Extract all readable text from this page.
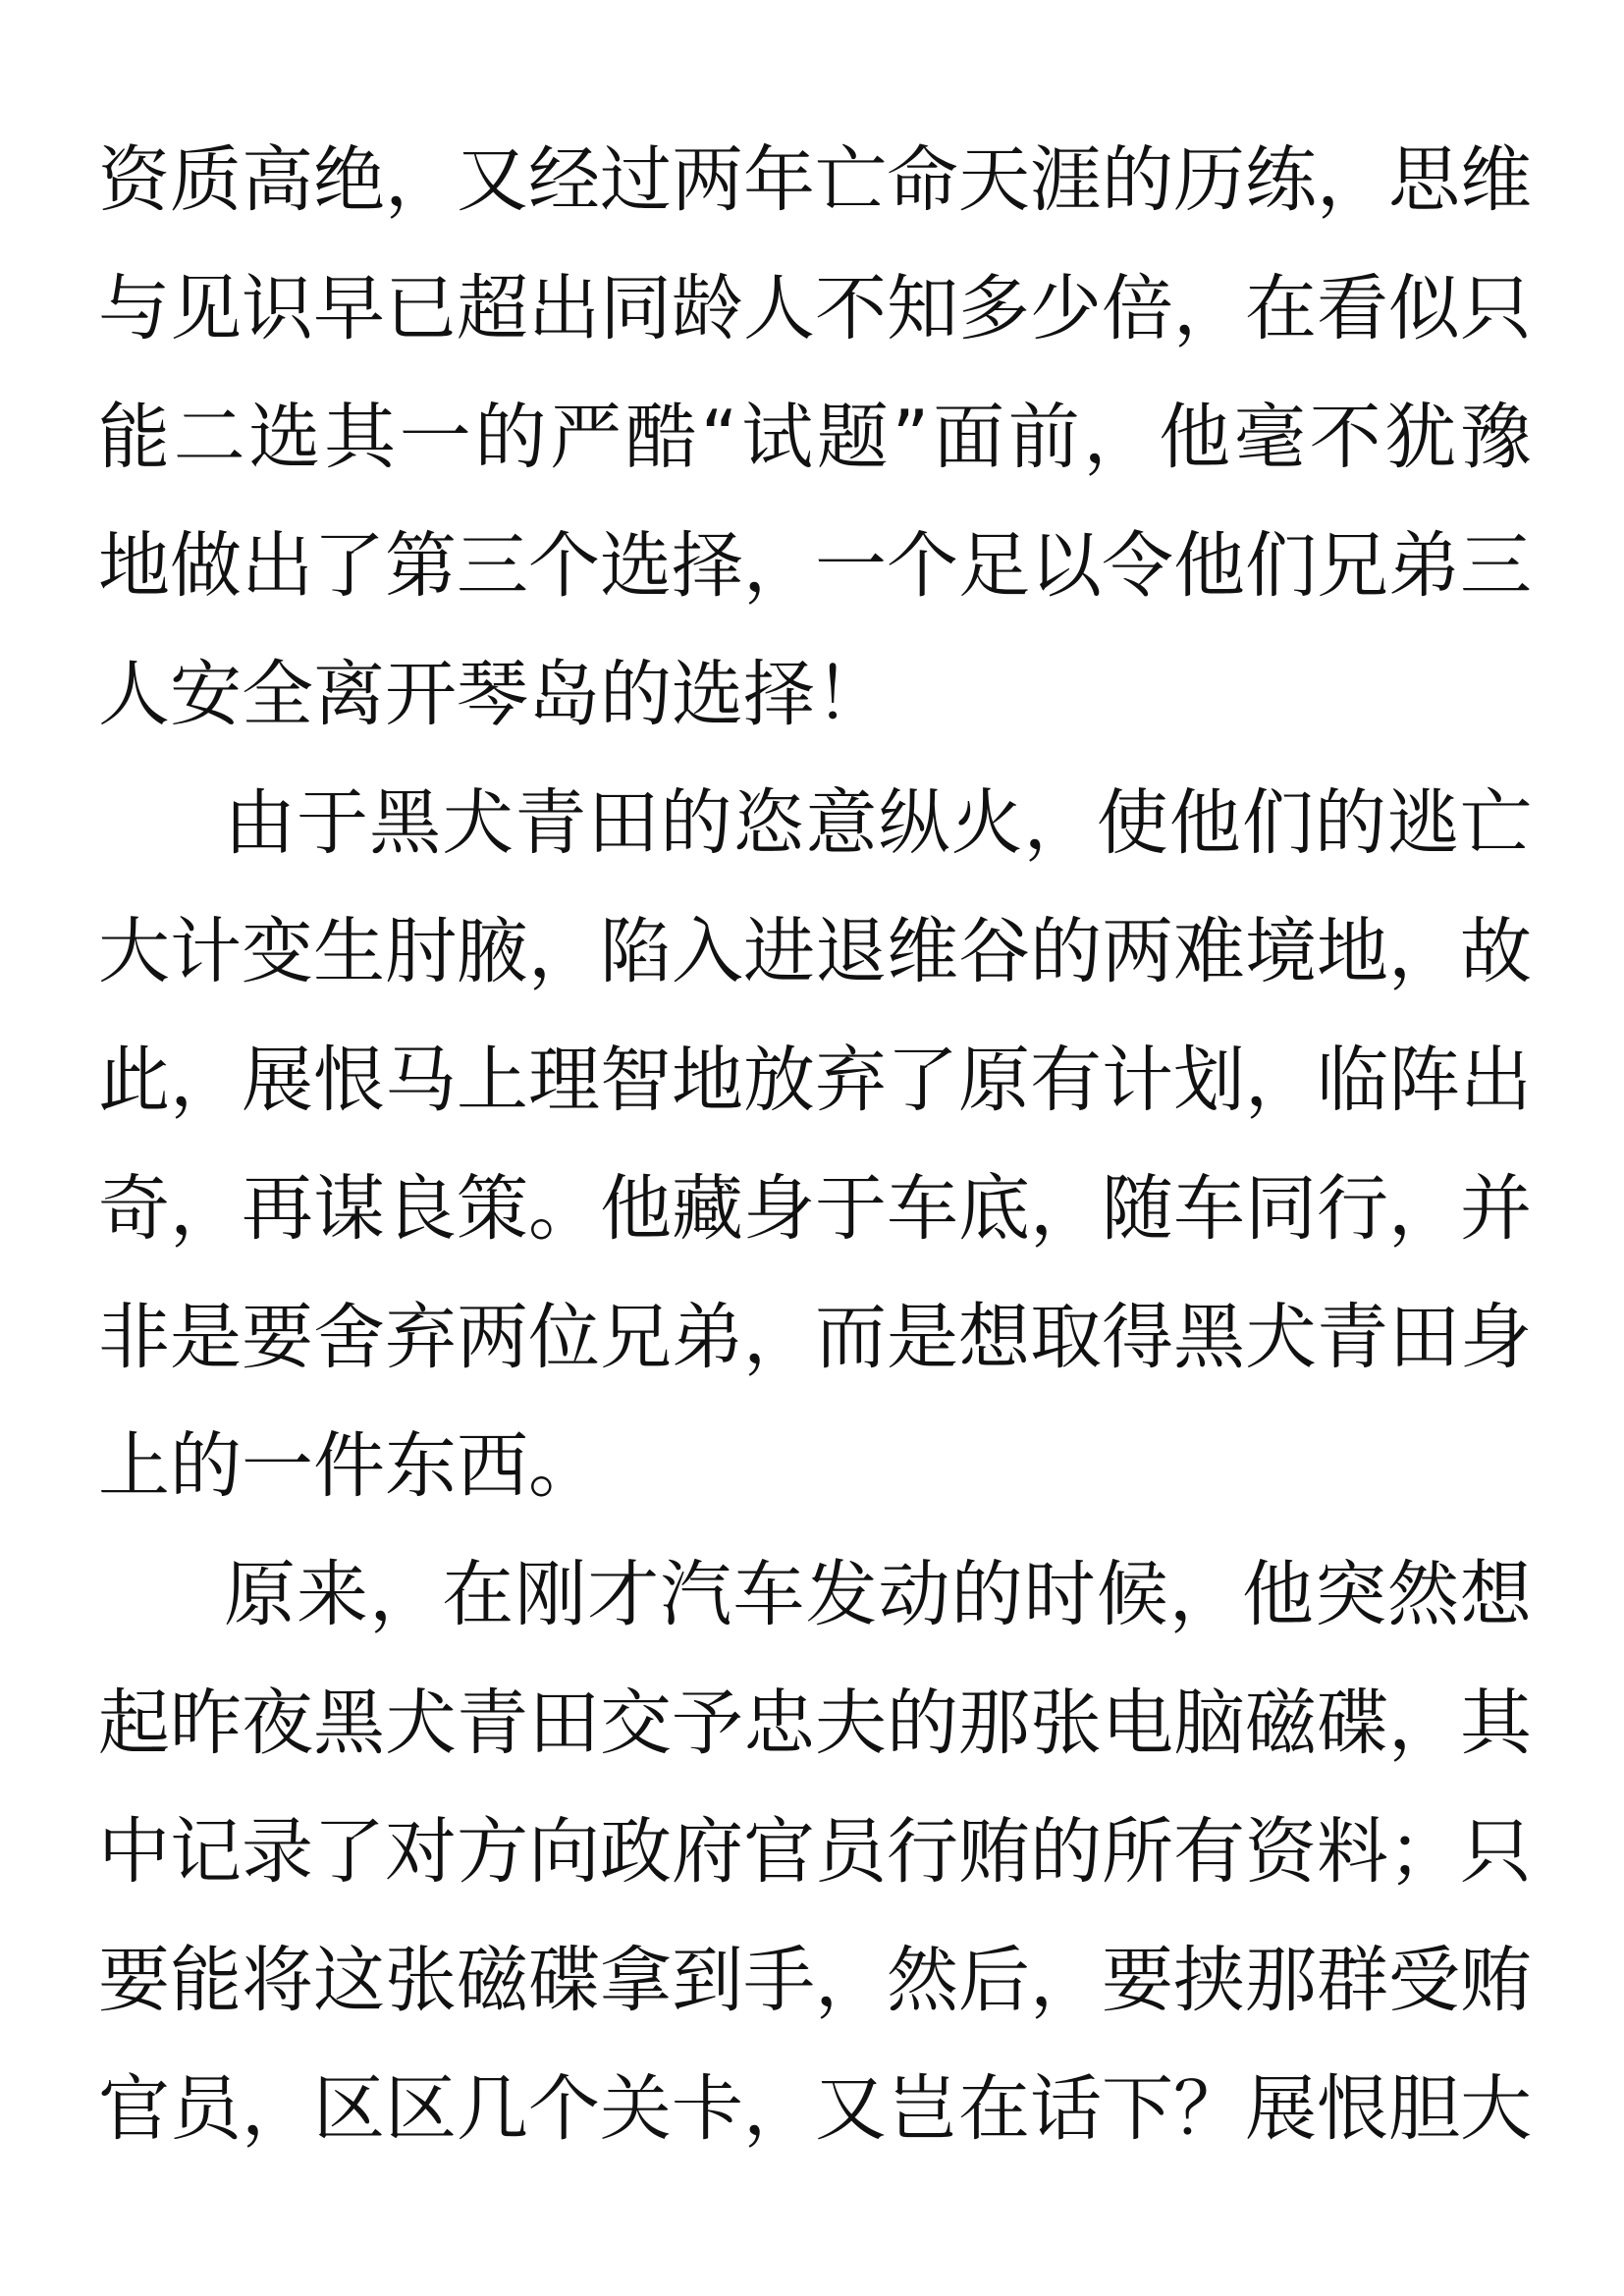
资质高绝，又经过两年亡命天涯的历练，思维
与见识早已超出同龄人不知多少倍，在看似只
能二选其一的严酷“试题”面前，他毫不犹豫
地做出了第三个选择，一个足以令他们兄弟三
人安全离开琴岛的选择！
由于黑犬青田的恣意纵火，使他们的逃亡
大计变生肘腋，陷入进退维谷的两难境地，故
此，展恨马上理智地放弃了原有计划，临阵出
奇，再谋良策。他藏身于车底，随车同行，并
非是要舍弃两位兄弟，而是想取得黑犬青田身
上的一件东西。
原来，在刚才汽车发动的时候，他突然想
起昨夜黑犬青田交予忠夫的那张电脑磁碟，其
中记录了对方向政府官员行贿的所有资料；只
要能将这张磁碟拿到手，然后，要挟那群受贿
官员，区区几个关卡，又岂在话下？展恨胆大
